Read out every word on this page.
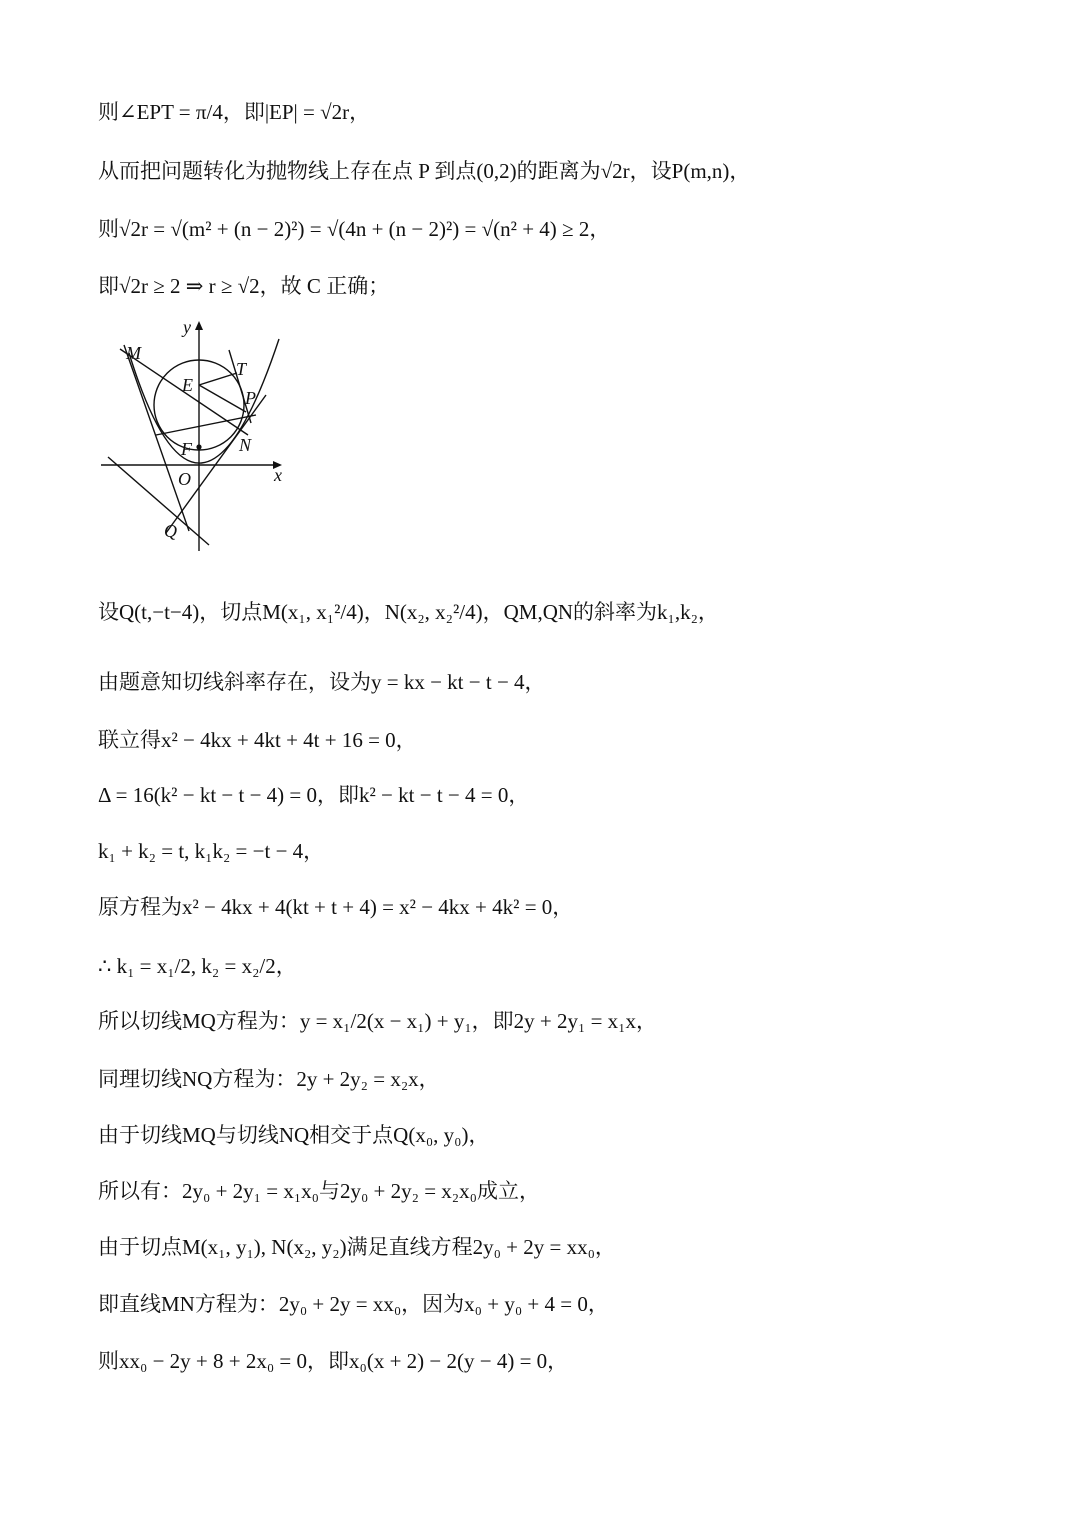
则∠EPT = π/4，即|EP| = √2r，
从而把问题转化为抛物线上存在点 P 到点(0,2)的距离为√2r，设P(m,n)，
则√2r = √(m² + (n − 2)²) = √(4n + (n − 2)²) = √(n² + 4) ≥ 2，
即√2r ≥ 2 ⇒ r ≥ √2，故 C 正确；
y
x
M
E
T
P
F	N
O
Q
设Q(t,−t−4)，切点M(x₁, x₁²/4)，N(x₂, x₂²/4)，QM,QN的斜率为k₁,k₂，
由题意知切线斜率存在，设为y = kx − kt − t − 4，
联立得x² − 4kx + 4kt + 4t + 16 = 0，
Δ = 16(k² − kt − t − 4) = 0，即k² − kt − t − 4 = 0，
k₁ + k₂ = t, k₁k₂ = −t − 4，
原方程为x² − 4kx + 4(kt + t + 4) = x² − 4kx + 4k² = 0，
∴ k₁ = x₁/2, k₂ = x₂/2，
所以切线MQ方程为：y = x₁/2(x − x₁) + y₁，即2y + 2y₁ = x₁x，
同理切线NQ方程为：2y + 2y₂ = x₂x，
由于切线MQ与切线NQ相交于点Q(x₀, y₀)，
所以有：2y₀ + 2y₁ = x₁x₀与2y₀ + 2y₂ = x₂x₀成立，
由于切点M(x₁, y₁), N(x₂, y₂)满足直线方程2y₀ + 2y = xx₀，
即直线MN方程为：2y₀ + 2y = xx₀，因为x₀ + y₀ + 4 = 0，
则xx₀ − 2y + 8 + 2x₀ = 0，即x₀(x + 2) − 2(y − 4) = 0，
